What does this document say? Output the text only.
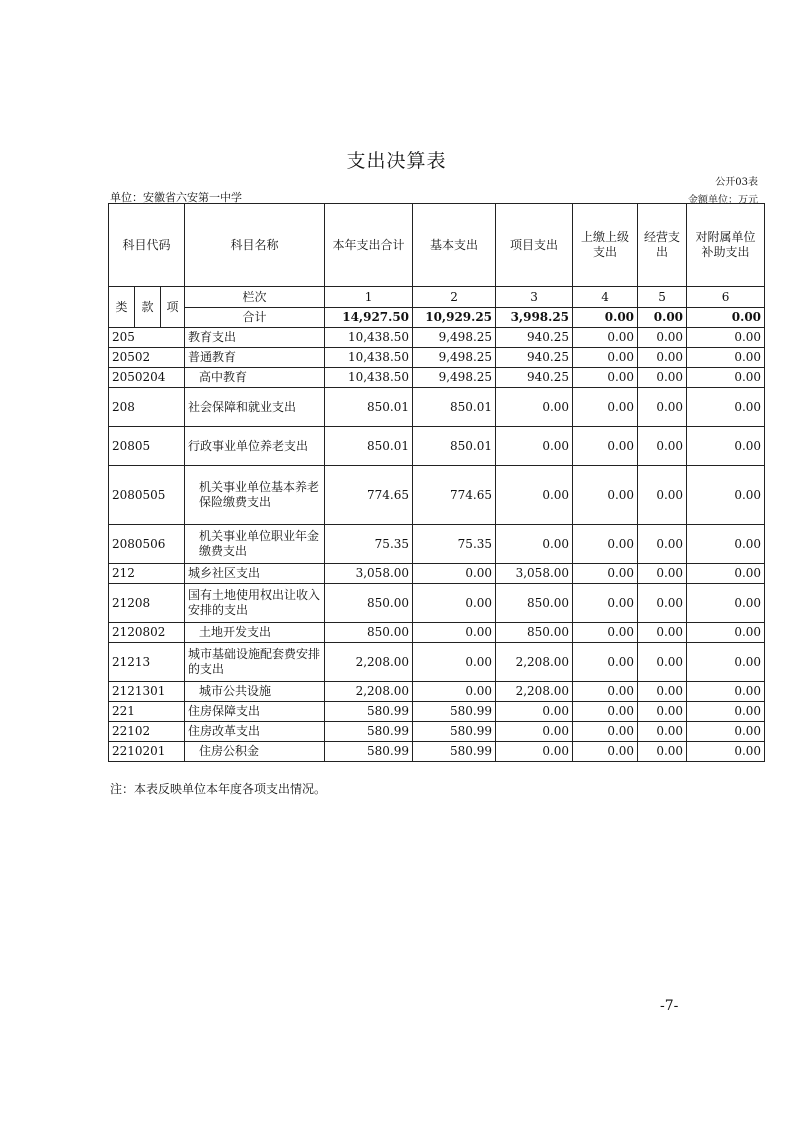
支出决算表
公开03表
单位：安徽省六安第一中学	金额单位：万元
科目代码			科目名称	本年支出合计	基本支出	项目支出	上缴上级支出	经营支出	对附属单位补助支出
类	款	项	栏次	1	2	3	4	5	6
			合计	14,927.50	10,929.25	3,998.25	0.00	0.00	0.00
205			教育支出	10,438.50	9,498.25	940.25	0.00	0.00	0.00
20502			普通教育	10,438.50	9,498.25	940.25	0.00	0.00	0.00
2050204			高中教育	10,438.50	9,498.25	940.25	0.00	0.00	0.00
208			社会保障和就业支出	850.01	850.01	0.00	0.00	0.00	0.00
20805			行政事业单位养老支出	850.01	850.01	0.00	0.00	0.00	0.00
2080505			机关事业单位基本养老保险缴费支出	774.65	774.65	0.00	0.00	0.00	0.00
2080506			机关事业单位职业年金缴费支出	75.35	75.35	0.00	0.00	0.00	0.00
212			城乡社区支出	3,058.00	0.00	3,058.00	0.00	0.00	0.00
21208			国有土地使用权出让收入安排的支出	850.00	0.00	850.00	0.00	0.00	0.00
2120802			土地开发支出	850.00	0.00	850.00	0.00	0.00	0.00
21213			城市基础设施配套费安排的支出	2,208.00	0.00	2,208.00	0.00	0.00	0.00
2121301			城市公共设施	2,208.00	0.00	2,208.00	0.00	0.00	0.00
221			住房保障支出	580.99	580.99	0.00	0.00	0.00	0.00
22102			住房改革支出	580.99	580.99	0.00	0.00	0.00	0.00
2210201			住房公积金	580.99	580.99	0.00	0.00	0.00	0.00
注：本表反映单位本年度各项支出情况。
-7-
